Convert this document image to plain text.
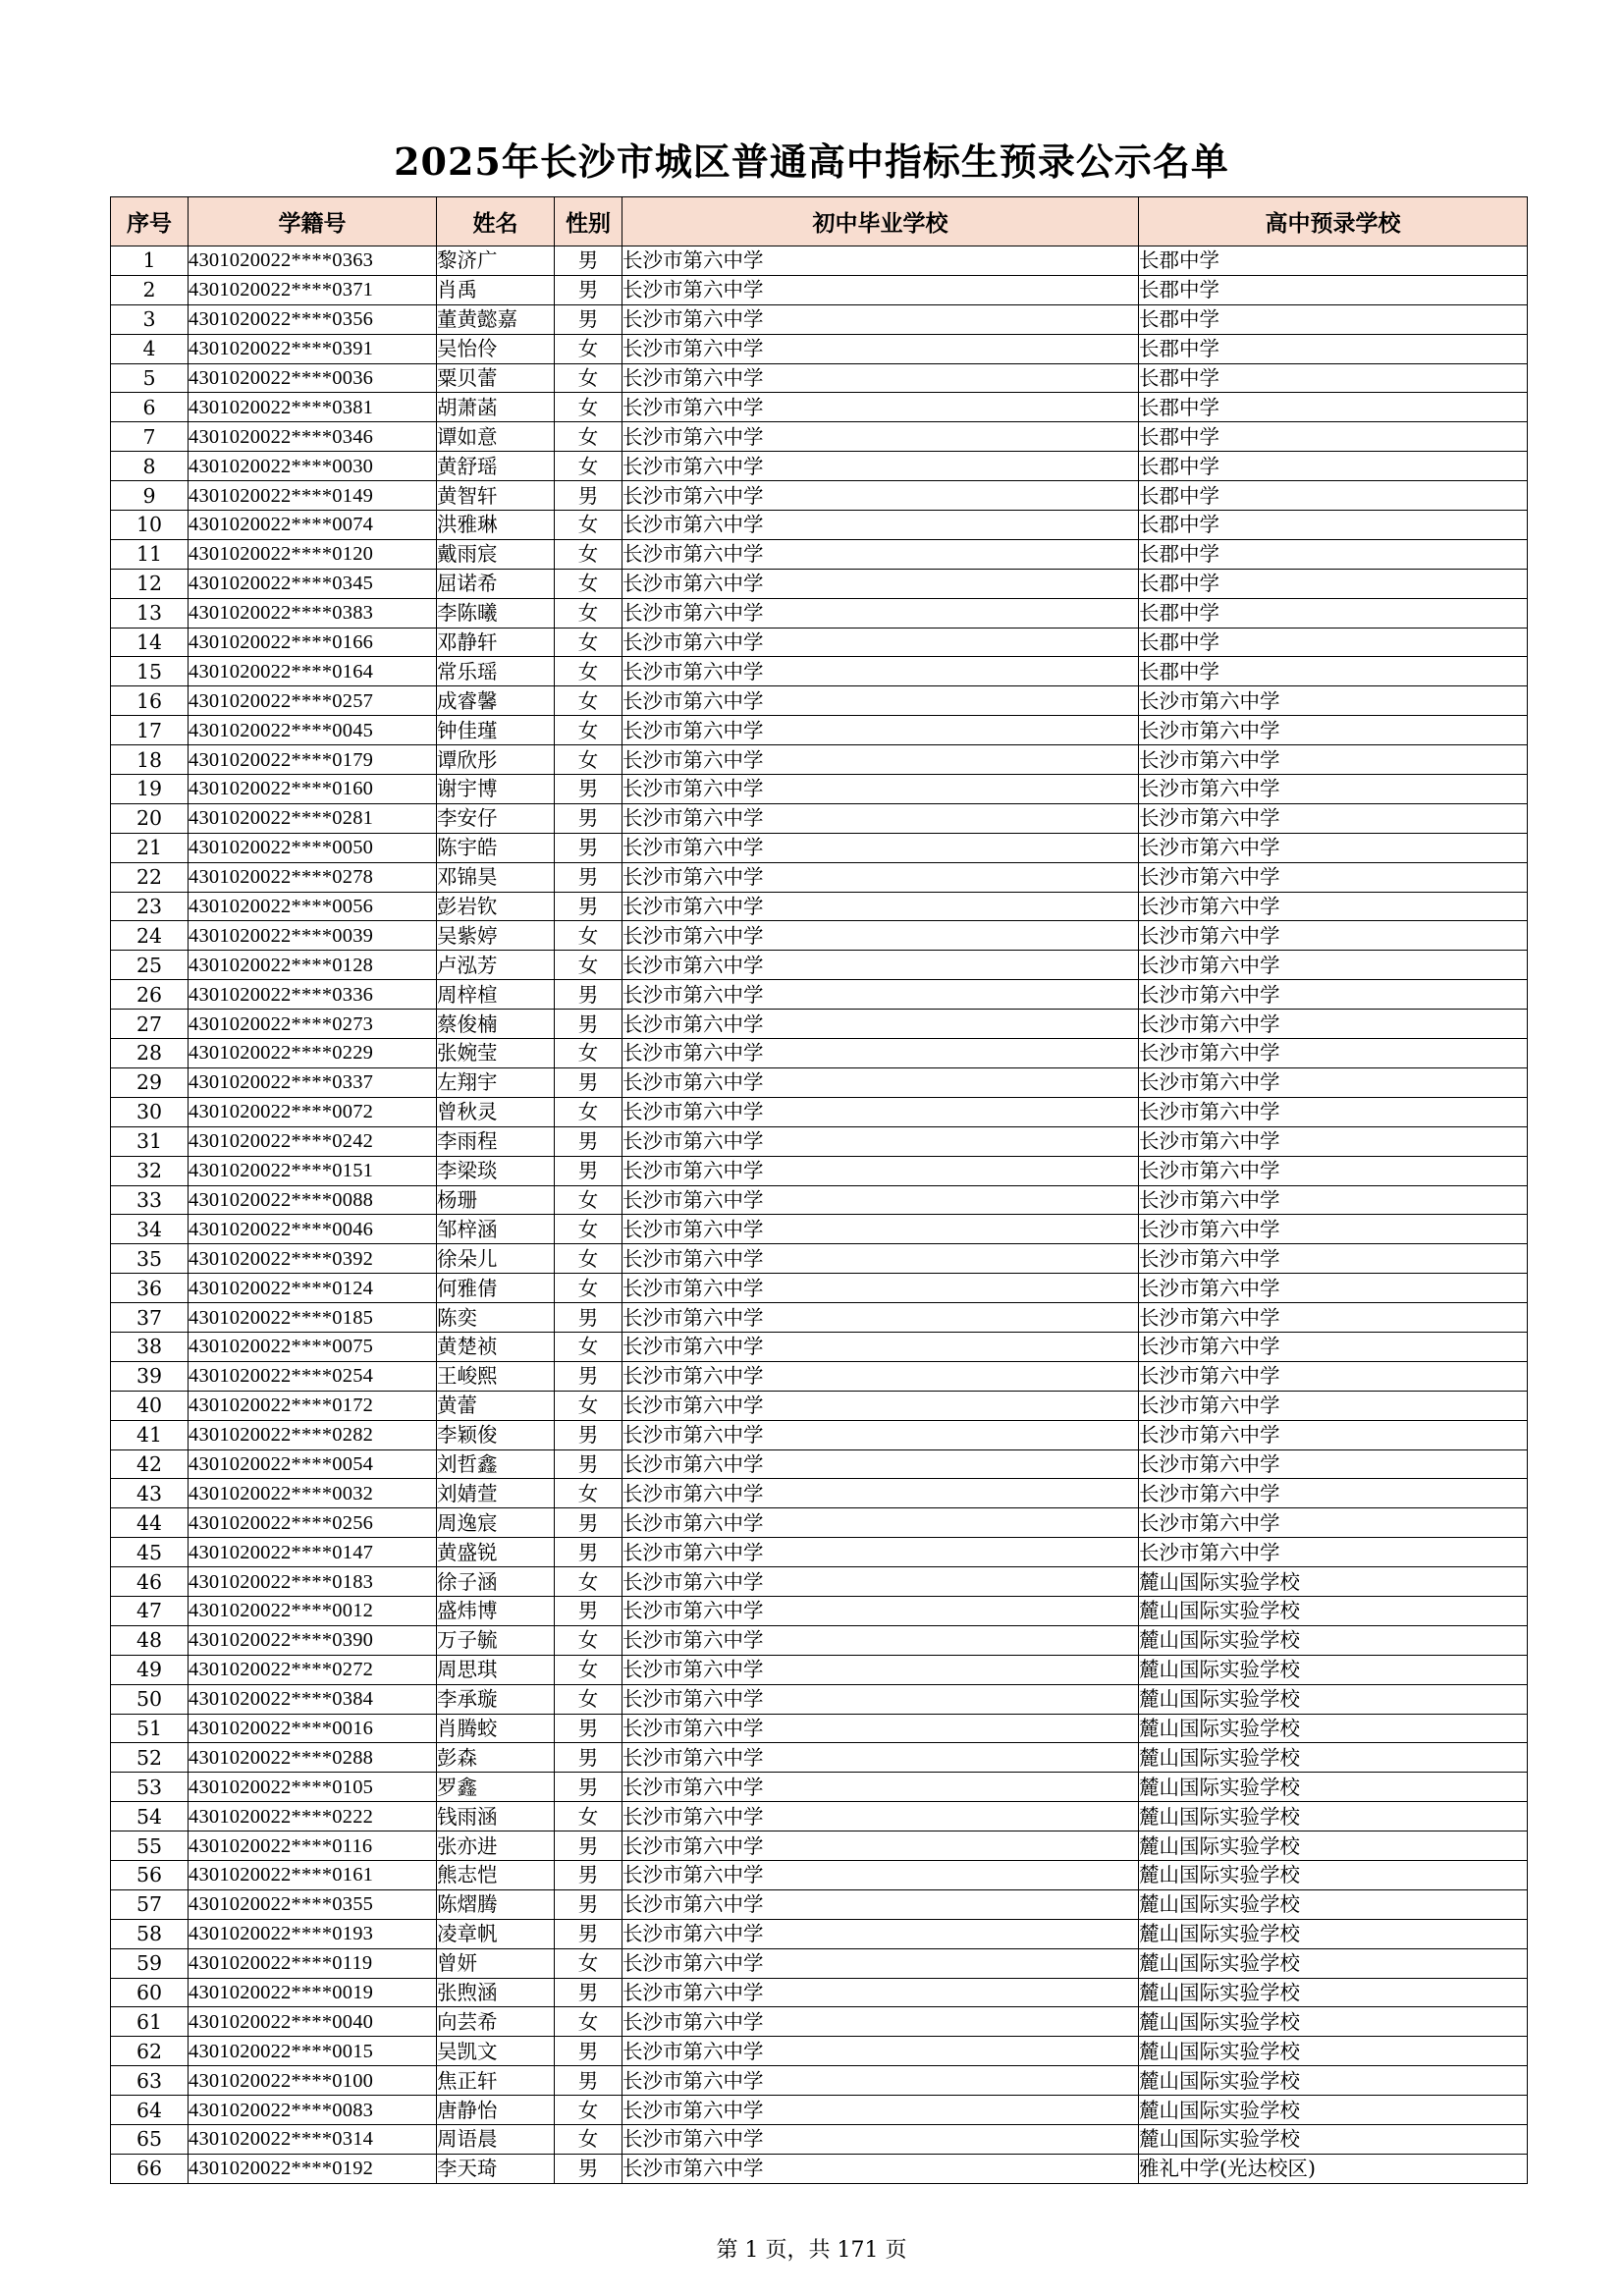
2025年长沙市城区普通高中指标生预录公示名单
序号	学籍号	姓名	性别	初中毕业学校	高中预录学校
1	4301020022****0363	黎济广	男	长沙市第六中学	长郡中学
2	4301020022****0371	肖禹	男	长沙市第六中学	长郡中学
3	4301020022****0356	董黄懿嘉	男	长沙市第六中学	长郡中学
4	4301020022****0391	吴怡伶	女	长沙市第六中学	长郡中学
5	4301020022****0036	粟贝蕾	女	长沙市第六中学	长郡中学
6	4301020022****0381	胡萧菡	女	长沙市第六中学	长郡中学
7	4301020022****0346	谭如意	女	长沙市第六中学	长郡中学
8	4301020022****0030	黄舒瑶	女	长沙市第六中学	长郡中学
9	4301020022****0149	黄智轩	男	长沙市第六中学	长郡中学
10	4301020022****0074	洪雅琳	女	长沙市第六中学	长郡中学
11	4301020022****0120	戴雨宸	女	长沙市第六中学	长郡中学
12	4301020022****0345	屈诺希	女	长沙市第六中学	长郡中学
13	4301020022****0383	李陈曦	女	长沙市第六中学	长郡中学
14	4301020022****0166	邓静轩	女	长沙市第六中学	长郡中学
15	4301020022****0164	常乐瑶	女	长沙市第六中学	长郡中学
16	4301020022****0257	成睿馨	女	长沙市第六中学	长沙市第六中学
17	4301020022****0045	钟佳瑾	女	长沙市第六中学	长沙市第六中学
18	4301020022****0179	谭欣彤	女	长沙市第六中学	长沙市第六中学
19	4301020022****0160	谢宇博	男	长沙市第六中学	长沙市第六中学
20	4301020022****0281	李安仔	男	长沙市第六中学	长沙市第六中学
21	4301020022****0050	陈宇皓	男	长沙市第六中学	长沙市第六中学
22	4301020022****0278	邓锦昊	男	长沙市第六中学	长沙市第六中学
23	4301020022****0056	彭岩钦	男	长沙市第六中学	长沙市第六中学
24	4301020022****0039	吴紫婷	女	长沙市第六中学	长沙市第六中学
25	4301020022****0128	卢泓芳	女	长沙市第六中学	长沙市第六中学
26	4301020022****0336	周梓楦	男	长沙市第六中学	长沙市第六中学
27	4301020022****0273	蔡俊楠	男	长沙市第六中学	长沙市第六中学
28	4301020022****0229	张婉莹	女	长沙市第六中学	长沙市第六中学
29	4301020022****0337	左翔宇	男	长沙市第六中学	长沙市第六中学
30	4301020022****0072	曾秋灵	女	长沙市第六中学	长沙市第六中学
31	4301020022****0242	李雨程	男	长沙市第六中学	长沙市第六中学
32	4301020022****0151	李梁琰	男	长沙市第六中学	长沙市第六中学
33	4301020022****0088	杨珊	女	长沙市第六中学	长沙市第六中学
34	4301020022****0046	邹梓涵	女	长沙市第六中学	长沙市第六中学
35	4301020022****0392	徐朵儿	女	长沙市第六中学	长沙市第六中学
36	4301020022****0124	何雅倩	女	长沙市第六中学	长沙市第六中学
37	4301020022****0185	陈奕	男	长沙市第六中学	长沙市第六中学
38	4301020022****0075	黄楚祯	女	长沙市第六中学	长沙市第六中学
39	4301020022****0254	王峻熙	男	长沙市第六中学	长沙市第六中学
40	4301020022****0172	黄蕾	女	长沙市第六中学	长沙市第六中学
41	4301020022****0282	李颖俊	男	长沙市第六中学	长沙市第六中学
42	4301020022****0054	刘哲鑫	男	长沙市第六中学	长沙市第六中学
43	4301020022****0032	刘婧萱	女	长沙市第六中学	长沙市第六中学
44	4301020022****0256	周逸宸	男	长沙市第六中学	长沙市第六中学
45	4301020022****0147	黄盛锐	男	长沙市第六中学	长沙市第六中学
46	4301020022****0183	徐子涵	女	长沙市第六中学	麓山国际实验学校
47	4301020022****0012	盛炜博	男	长沙市第六中学	麓山国际实验学校
48	4301020022****0390	万子毓	女	长沙市第六中学	麓山国际实验学校
49	4301020022****0272	周思琪	女	长沙市第六中学	麓山国际实验学校
50	4301020022****0384	李承璇	女	长沙市第六中学	麓山国际实验学校
51	4301020022****0016	肖腾蛟	男	长沙市第六中学	麓山国际实验学校
52	4301020022****0288	彭森	男	长沙市第六中学	麓山国际实验学校
53	4301020022****0105	罗鑫	男	长沙市第六中学	麓山国际实验学校
54	4301020022****0222	钱雨涵	女	长沙市第六中学	麓山国际实验学校
55	4301020022****0116	张亦进	男	长沙市第六中学	麓山国际实验学校
56	4301020022****0161	熊志恺	男	长沙市第六中学	麓山国际实验学校
57	4301020022****0355	陈熠腾	男	长沙市第六中学	麓山国际实验学校
58	4301020022****0193	凌章帆	男	长沙市第六中学	麓山国际实验学校
59	4301020022****0119	曾妍	女	长沙市第六中学	麓山国际实验学校
60	4301020022****0019	张煦涵	男	长沙市第六中学	麓山国际实验学校
61	4301020022****0040	向芸希	女	长沙市第六中学	麓山国际实验学校
62	4301020022****0015	吴凯文	男	长沙市第六中学	麓山国际实验学校
63	4301020022****0100	焦正轩	男	长沙市第六中学	麓山国际实验学校
64	4301020022****0083	唐静怡	女	长沙市第六中学	麓山国际实验学校
65	4301020022****0314	周语晨	女	长沙市第六中学	麓山国际实验学校
66	4301020022****0192	李天琦	男	长沙市第六中学	雅礼中学(光达校区)
第 1 页，共 171 页
